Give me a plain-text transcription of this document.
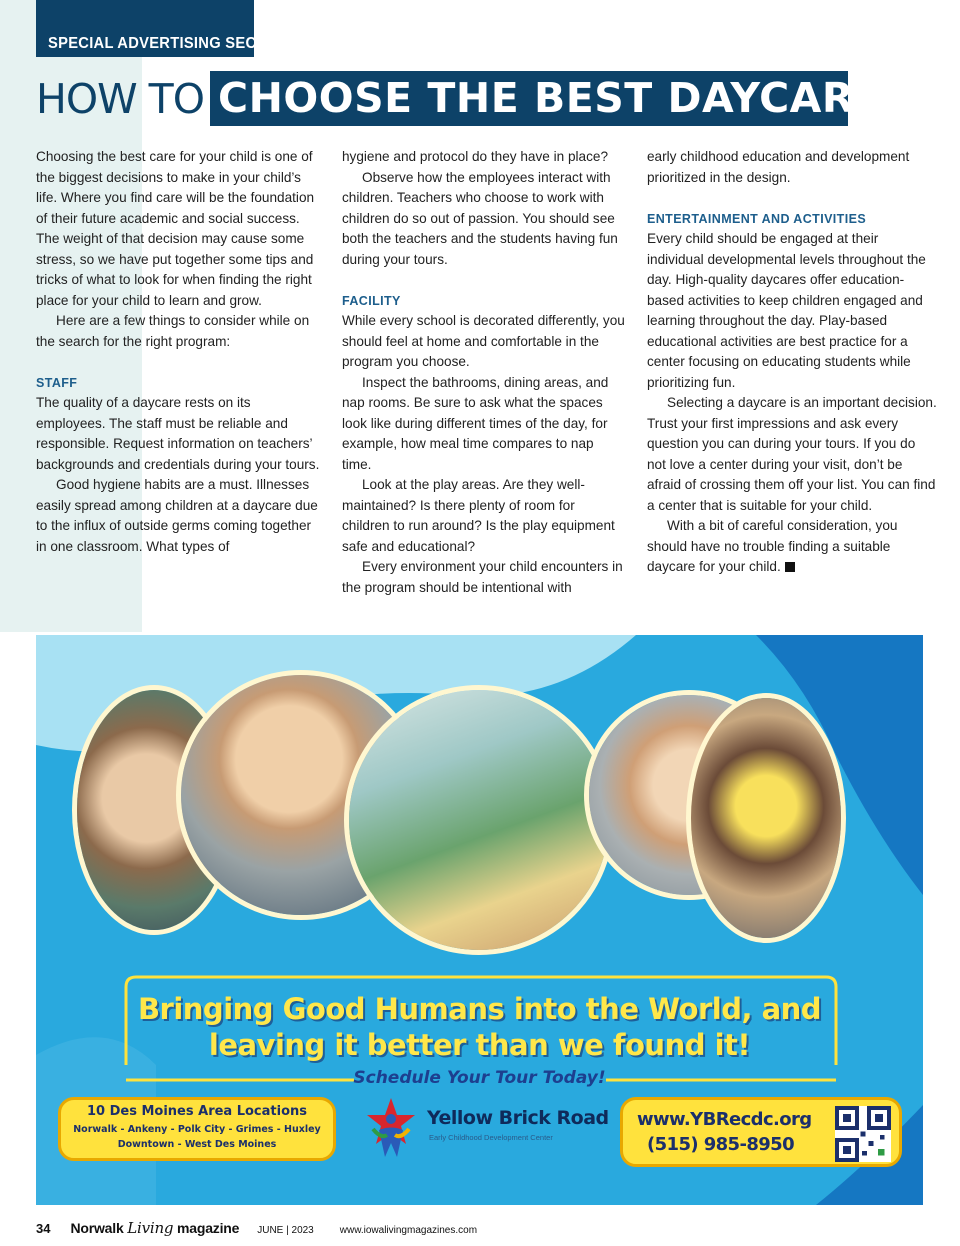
SPECIAL ADVERTISING SECTION
HOW TO CHOOSE THE BEST DAYCARE

Choosing the best care for your child is one of the biggest decisions to make in your child’s life. Where you find care will be the foundation of their future academic and social success. The weight of that decision may cause some stress, so we have put together some tips and tricks of what to look for when finding the right place for your child to learn and grow.

Here are a few things to consider while on the search for the right program:

STAFF

The quality of a daycare rests on its employees. The staff must be reliable and responsible. Request information on teachers’ backgrounds and credentials during your tours.

Good hygiene habits are a must. Illnesses easily spread among children at a daycare due to the influx of outside germs coming together in one classroom. What types of

hygiene and protocol do they have in place?

Observe how the employees interact with children. Teachers who choose to work with children do so out of passion. You should see both the teachers and the students having fun during your tours.

FACILITY

While every school is decorated differently, you should feel at home and comfortable in the program you choose.

Inspect the bathrooms, dining areas, and nap rooms. Be sure to ask what the spaces look like during different times of the day, for example, how meal time compares to nap time.

Look at the play areas. Are they well-maintained? Is there plenty of room for children to run around? Is the play equipment safe and educational?

Every environment your child encounters in the program should be intentional with

early childhood education and development prioritized in the design.

ENTERTAINMENT AND ACTIVITIES

Every child should be engaged at their individual developmental levels throughout the day. High-quality daycares offer education-based activities to keep children engaged and learning throughout the day. Play-based educational activities are best practice for a center focusing on educating students while prioritizing fun.

Selecting a daycare is an important decision. Trust your first impressions and ask every question you can during your tours. If you do not love a center during your visit, don’t be afraid of crossing them off your list. You can find a center that is suitable for your child.

With a bit of careful consideration, you should have no trouble finding a suitable daycare for your child.

Bringing Good Humans into the World, and
leaving it better than we found it!
Schedule Your Tour Today!
10 Des Moines Area Locations
Norwalk - Ankeny - Polk City - Grimes - Huxley
Downtown - West Des Moines
Yellow Brick Road
Early Childhood Development Center
www.YBRecdc.org
(515) 985-8950
34 Norwalk Living magazine JUNE | 2023	www.iowalivingmagazines.com
